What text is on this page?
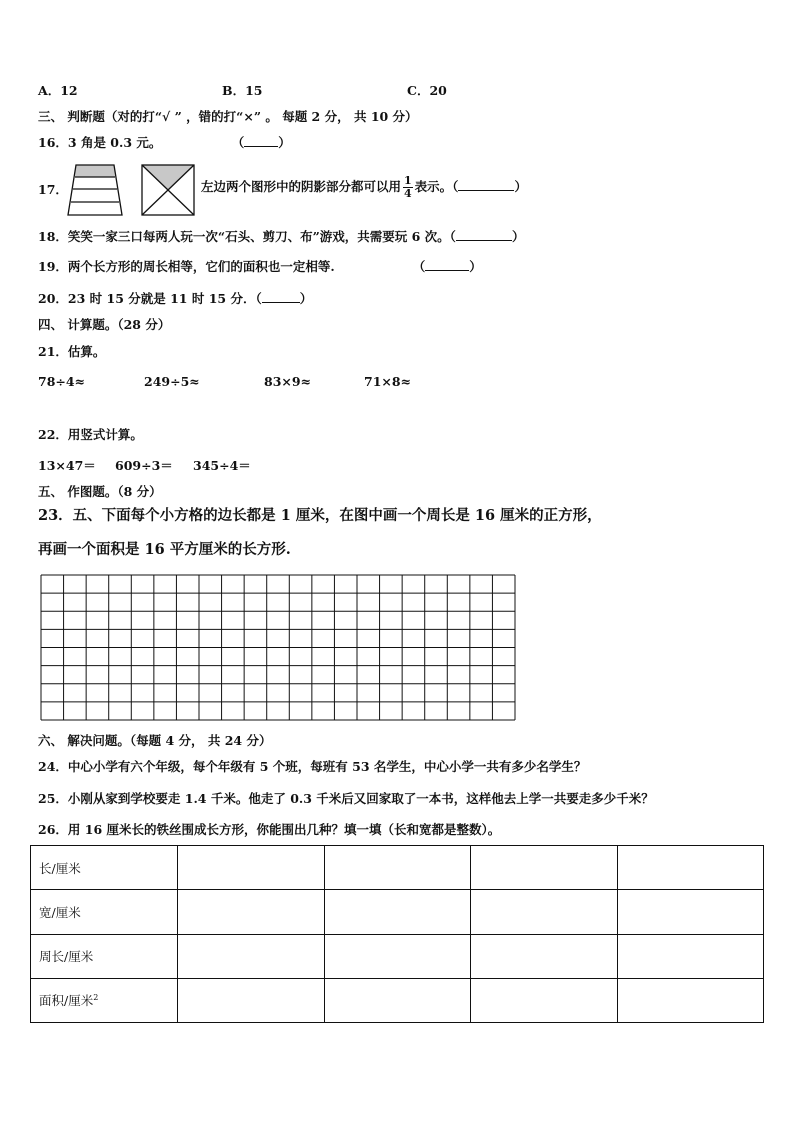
A．12	B．15	C．20
三、 判断题（对的打“√ ” ，错的打“×” 。 每题 2 分， 共 10 分）
16．3 角是 0.3 元。	（	）
17．	左边两个图形中的阴影部分都可以用 $\frac{1}{4}$ 表示。（	）
18．笑笑一家三口每两人玩一次“石头、剪刀、布”游戏，共需要玩 6 次。（	）
19．两个长方形的周长相等，它们的面积也一定相等.	（	）
20．23 时 15 分就是 11 时 15 分．（	）
四、 计算题。（28 分）
21．估算。
78÷4≈	249÷5≈	83×9≈	71×8≈
22．用竖式计算。
13×47＝ 609÷3＝ 345÷4＝
五、 作图题。（8 分）
23．五、下面每个小方格的边长都是 1 厘米，在图中画一个周长是 16 厘米的正方形，
再画一个面积是 16 平方厘米的长方形.
六、 解决问题。（每题 4 分， 共 24 分）
24．中心小学有六个年级，每个年级有 5 个班，每班有 53 名学生，中心小学一共有多少名学生？
25．小刚从家到学校要走 1.4 千米。他走了 0.3 千米后又回家取了一本书，这样他去上学一共要走多少千米？
26．用 16 厘米长的铁丝围成长方形，你能围出几种？填一填（长和宽都是整数）。
长/厘米				
宽/厘米				
周长/厘米				
面积/厘米$^2$				
